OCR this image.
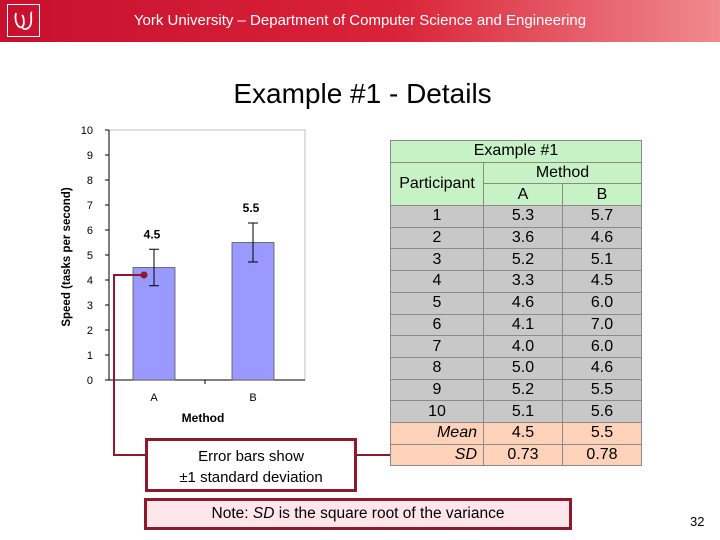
York University – Department of Computer Science and Engineering
Example #1 - Details
0
1
2
3
4
5
6
7
8
9
10
4.5
A
5.5
B
Method
Speed (tasks per second)
Example #1		
Participant	Method	
	A	B
1	5.3	5.7
2	3.6	4.6
3	5.2	5.1
4	3.3	4.5
5	4.6	6.0
6	4.1	7.0
7	4.0	6.0
8	5.0	4.6
9	5.2	5.5
10	5.1	5.6
Mean	4.5	5.5
SD	0.73	0.78
Error bars show
±1 standard deviation
Note: SD is the square root of the variance	32
